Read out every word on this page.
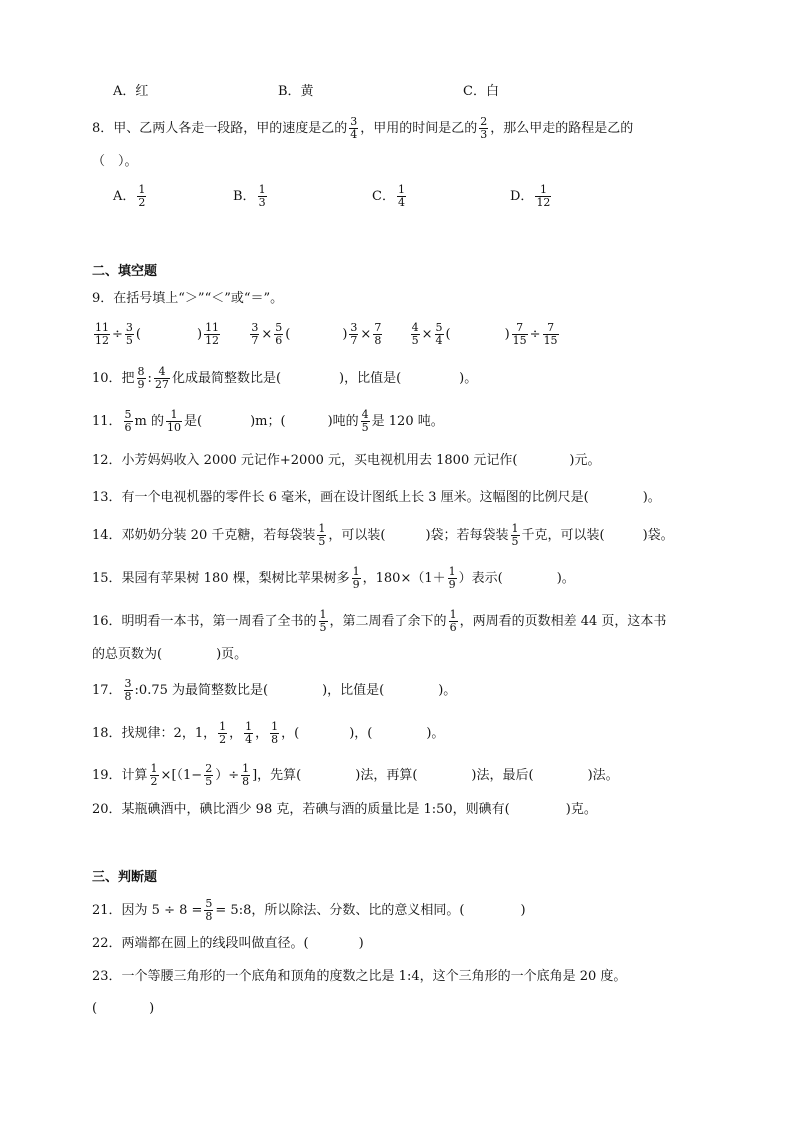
A．红	B．黄	C．白
8．甲、乙两人各走一段路，甲的速度是乙的 $\frac{3}{4}$ ，甲用的时间是乙的 $\frac{2}{3}$ ，那么甲走的路程是乙的
（　）。
A． $\frac{1}{2}$	B． $\frac{1}{3}$	C． $\frac{1}{4}$	D． $\frac{1}{12}$
二、填空题
9．在括号填上“＞”“＜”或“＝”。
$\frac{11}{12} \div \frac{3}{5}$ (	) $\frac{11}{12}$
	$\frac{3}{7} \times \frac{5}{6}$ (	) $\frac{3}{7} \times \frac{7}{8}$
	$\frac{4}{5} \times \frac{5}{4}$ (	) $\frac{7}{15} \div \frac{7}{15}$
10．把 $\frac{8}{9}$ : $\frac{4}{27}$ 化成最简整数比是(	)，比值是(	)。
11． $\frac{5}{6}$ m 的 $\frac{1}{10}$ 是(	)m；(	)吨的 $\frac{4}{5}$ 是 120 吨。
12．小芳妈妈收入 2000 元记作+2000 元，买电视机用去 1800 元记作(	)元。
13．有一个电视机器的零件长 6 毫米，画在设计图纸上长 3 厘米。这幅图的比例尺是(	)。
14．邓奶奶分装 20 千克糖，若每袋装 $\frac{1}{5}$ ，可以装(	)袋；若每袋装 $\frac{1}{5}$ 千克，可以装(	)袋。
15．果园有苹果树 180 棵，梨树比苹果树多 $\frac{1}{9}$ ，$180\times(1+ \frac{1}{9}$ ）表示(	)。
16．明明看一本书，第一周看了全书的 $\frac{1}{5}$ ，第二周看了余下的 $\frac{1}{6}$ ，两周看的页数相差 44 页，这本书
的总页数为(	)页。
17． $\frac{3}{8}$ :0.75 为最简整数比是(	)，比值是(	)。
18．找规律：2，1， $\frac{1}{2}$ ， $\frac{1}{4}$ ， $\frac{1}{8}$ ，(	)，(	)。
19．计算 $\frac{1}{2} \times[(1- \frac{2}{5}$ ）÷ $\frac{1}{8}$ ]，先算(	)法，再算(	)法，最后(	)法。
20．某瓶碘酒中，碘比酒少 98 克，若碘与酒的质量比是 1:50，则碘有(	)克。
三、判断题
21．因为 $5 \div 8 = \frac{5}{8}$ = 5:8，所以除法、分数、比的意义相同。(	)
22．两端都在圆上的线段叫做直径。(	)
23．一个等腰三角形的一个底角和顶角的度数之比是 1:4，这个三角形的一个底角是 20 度。
(　　　　)
